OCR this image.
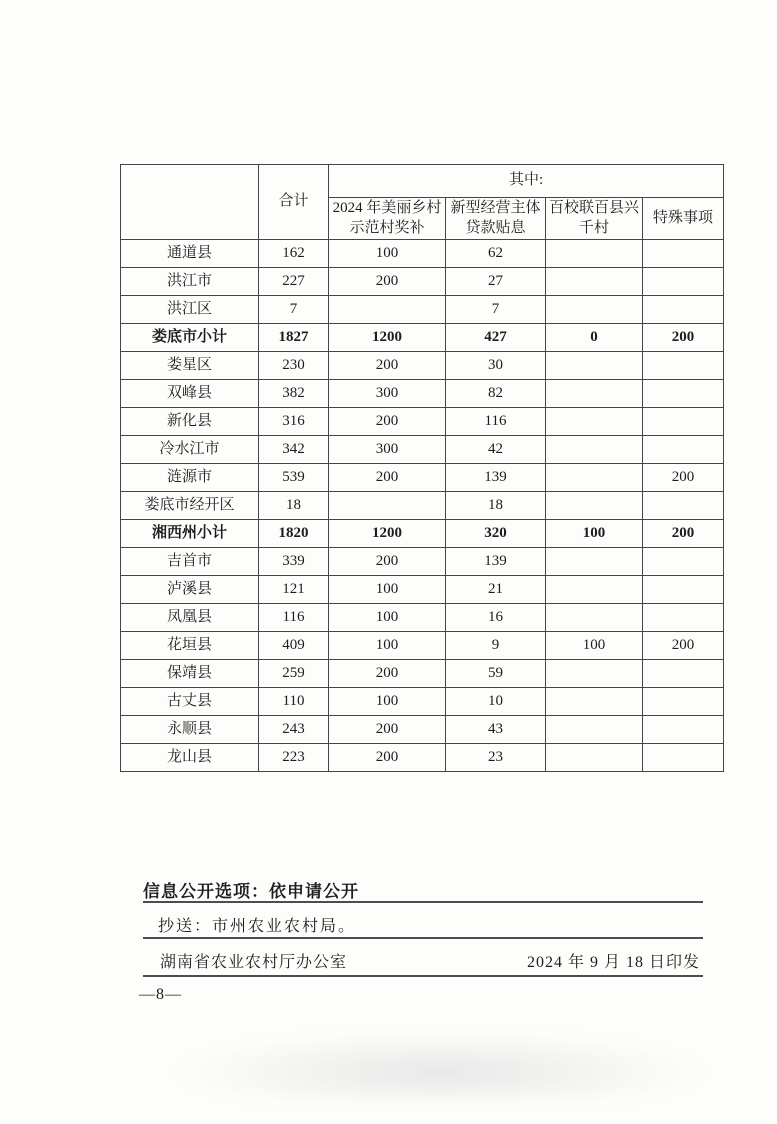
	合计	其中:			
		2024 年美丽乡村示范村奖补	新型经营主体贷款贴息	百校联百县兴千村	特殊事项
通道县	162	100	62		
洪江市	227	200	27		
洪江区	7		7		
娄底市小计	1827	1200	427	0	200
娄星区	230	200	30		
双峰县	382	300	82		
新化县	316	200	116		
冷水江市	342	300	42		
涟源市	539	200	139		200
娄底市经开区	18		18		
湘西州小计	1820	1200	320	100	200
吉首市	339	200	139		
泸溪县	121	100	21		
凤凰县	116	100	16		
花垣县	409	100	9	100	200
保靖县	259	200	59		
古丈县	110	100	10		
永顺县	243	200	43		
龙山县	223	200	23		
信息公开选项：依申请公开
抄送：市州农业农村局。
湖南省农业农村厅办公室	2024 年 9 月 18 日印发
—8—
